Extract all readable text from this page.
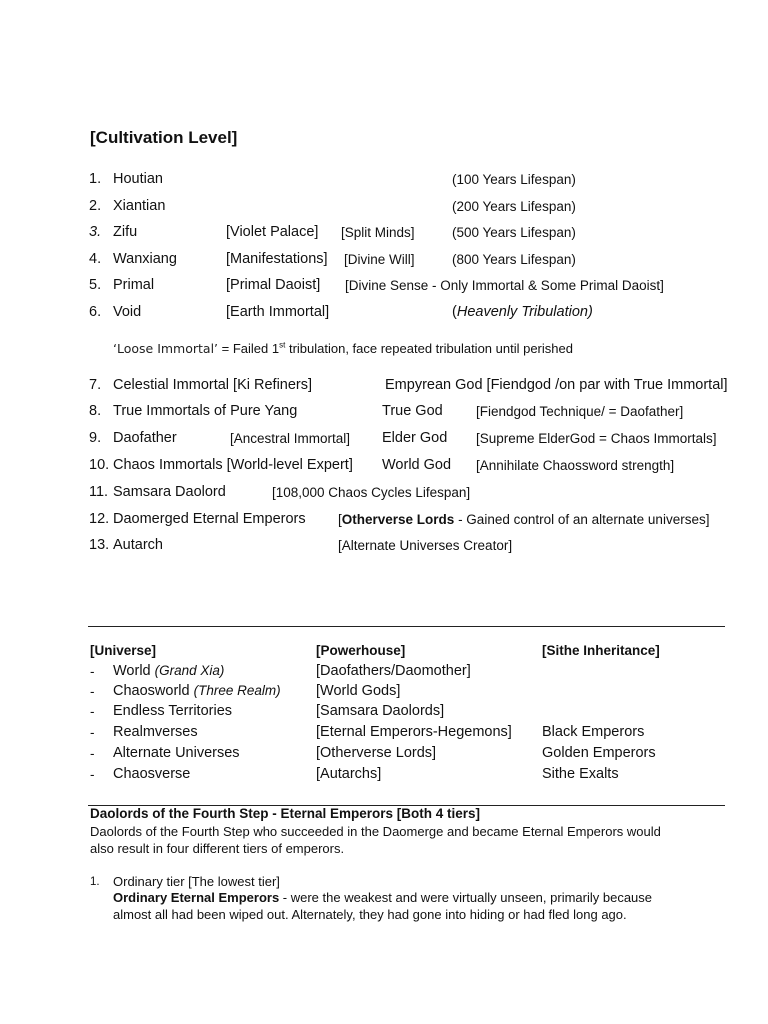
[Cultivation Level]
1. Houtian	(100 Years Lifespan)
2. Xiantian	(200 Years Lifespan)
3. Zifu	[Violet Palace] [Split Minds]	(500 Years Lifespan)
4. Wanxiang	[Manifestations] [Divine Will]	(800 Years Lifespan)
5. Primal	[Primal Daoist] [Divine Sense - Only Immortal & Some Primal Daoist]
6. Void	[Earth Immortal]	(Heavenly Tribulation)
‘Loose Immortal’ = Failed 1st tribulation, face repeated tribulation until perished
7. Celestial Immortal [Ki Refiners]	Empyrean God [Fiendgod /on par with True Immortal]
8. True Immortals of Pure Yang	True God [Fiendgod Technique/ = Daofather]
9. Daofather	[Ancestral Immortal] Elder God [Supreme ElderGod = Chaos Immortals]
10. Chaos Immortals [World-level Expert] World God [Annihilate Chaossword strength]
11. Samsara Daolord	[108,000 Chaos Cycles Lifespan]
12. Daomerged Eternal Emperors [Otherverse Lords - Gained control of an alternate universes]
13. Autarch	[Alternate Universes Creator]
[Universe]	[Powerhouse]	[Sithe Inheritance]
- World (Grand Xia)	[Daofathers/Daomother]
- Chaosworld (Three Realm) [World Gods]
- Endless Territories	[Samsara Daolords]
- Realmverses	[Eternal Emperors-Hegemons] Black Emperors
- Alternate Universes	[Otherverse Lords]	Golden Emperors
- Chaosverse	[Autarchs]	Sithe Exalts
Daolords of the Fourth Step - Eternal Emperors [Both 4 tiers]
Daolords of the Fourth Step who succeeded in the Daomerge and became Eternal Emperors would
also result in four different tiers of emperors.
1. Ordinary tier [The lowest tier]
Ordinary Eternal Emperors - were the weakest and were virtually unseen, primarily because
almost all had been wiped out. Alternately, they had gone into hiding or had fled long ago.
